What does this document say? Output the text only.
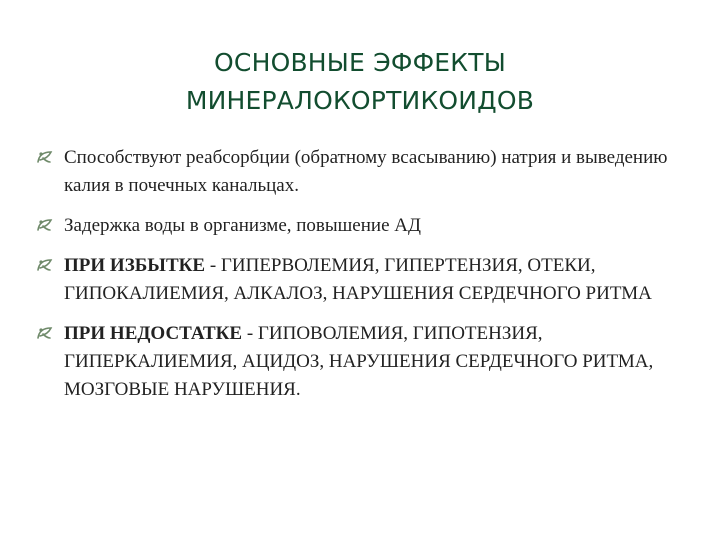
ОСНОВНЫЕ ЭФФЕКТЫ
МИНЕРАЛОКОРТИКОИДОВ
Способствуют реабсорбции (обратному всасыванию) натрия и выведению калия в почечных канальцах.
Задержка воды в организме, повышение АД
ПРИ ИЗБЫТКЕ - ГИПЕРВОЛЕМИЯ, ГИПЕРТЕНЗИЯ, ОТЕКИ, ГИПОКАЛИЕМИЯ, АЛКАЛОЗ, НАРУШЕНИЯ СЕРДЕЧНОГО РИТМА
ПРИ НЕДОСТАТКЕ - ГИПОВОЛЕМИЯ, ГИПОТЕНЗИЯ, ГИПЕРКАЛИЕМИЯ, АЦИДОЗ, НАРУШЕНИЯ СЕРДЕЧНОГО РИТМА, МОЗГОВЫЕ НАРУШЕНИЯ.
